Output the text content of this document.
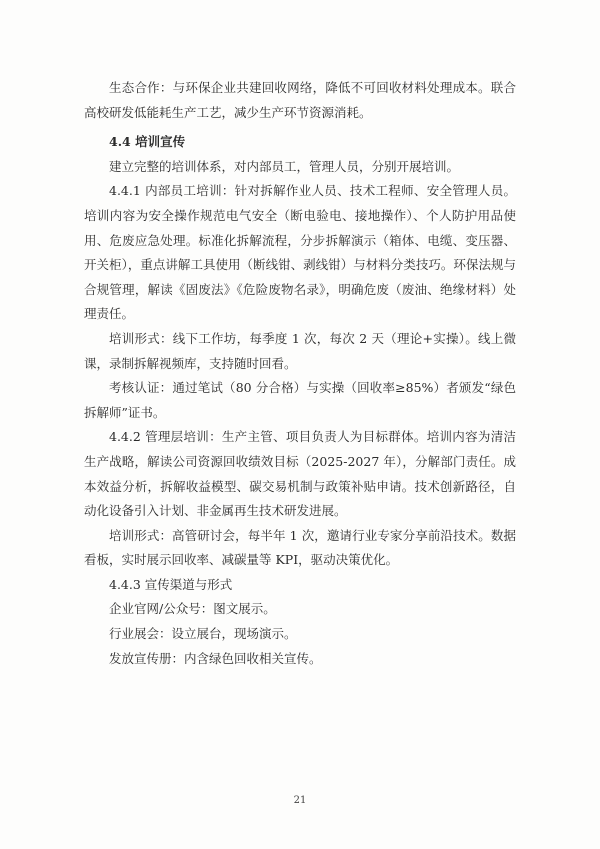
生态合作：与环保企业共建回收网络，降低不可回收材料处理成本。联合高校研发低能耗生产工艺，减少生产环节资源消耗。

4.4 培训宣传

建立完整的培训体系，对内部员工，管理人员，分别开展培训。

4.4.1 内部员工培训：针对拆解作业人员、技术工程师、安全管理人员。培训内容为安全操作规范电气安全（断电验电、接地操作）、个人防护用品使用、危废应急处理。标准化拆解流程，分步拆解演示（箱体、电缆、变压器、开关柜），重点讲解工具使用（断线钳、剥线钳）与材料分类技巧。环保法规与合规管理，解读《固废法》《危险废物名录》，明确危废（废油、绝缘材料）处理责任。

培训形式：线下工作坊，每季度 1 次，每次 2 天（理论+实操）。线上微课，录制拆解视频库，支持随时回看。

考核认证：通过笔试（80 分合格）与实操（回收率≥85%）者颁发“绿色拆解师”证书。

4.4.2 管理层培训：生产主管、项目负责人为目标群体。培训内容为清洁生产战略，解读公司资源回收绩效目标（2025-2027 年），分解部门责任。成本效益分析，拆解收益模型、碳交易机制与政策补贴申请。技术创新路径，自动化设备引入计划、非金属再生技术研发进展。

培训形式：高管研讨会，每半年 1 次，邀请行业专家分享前沿技术。数据看板，实时展示回收率、减碳量等 KPI，驱动决策优化。

4.4.3 宣传渠道与形式

企业官网/公众号：图文展示。

行业展会：设立展台，现场演示。

发放宣传册：内含绿色回收相关宣传。

21
